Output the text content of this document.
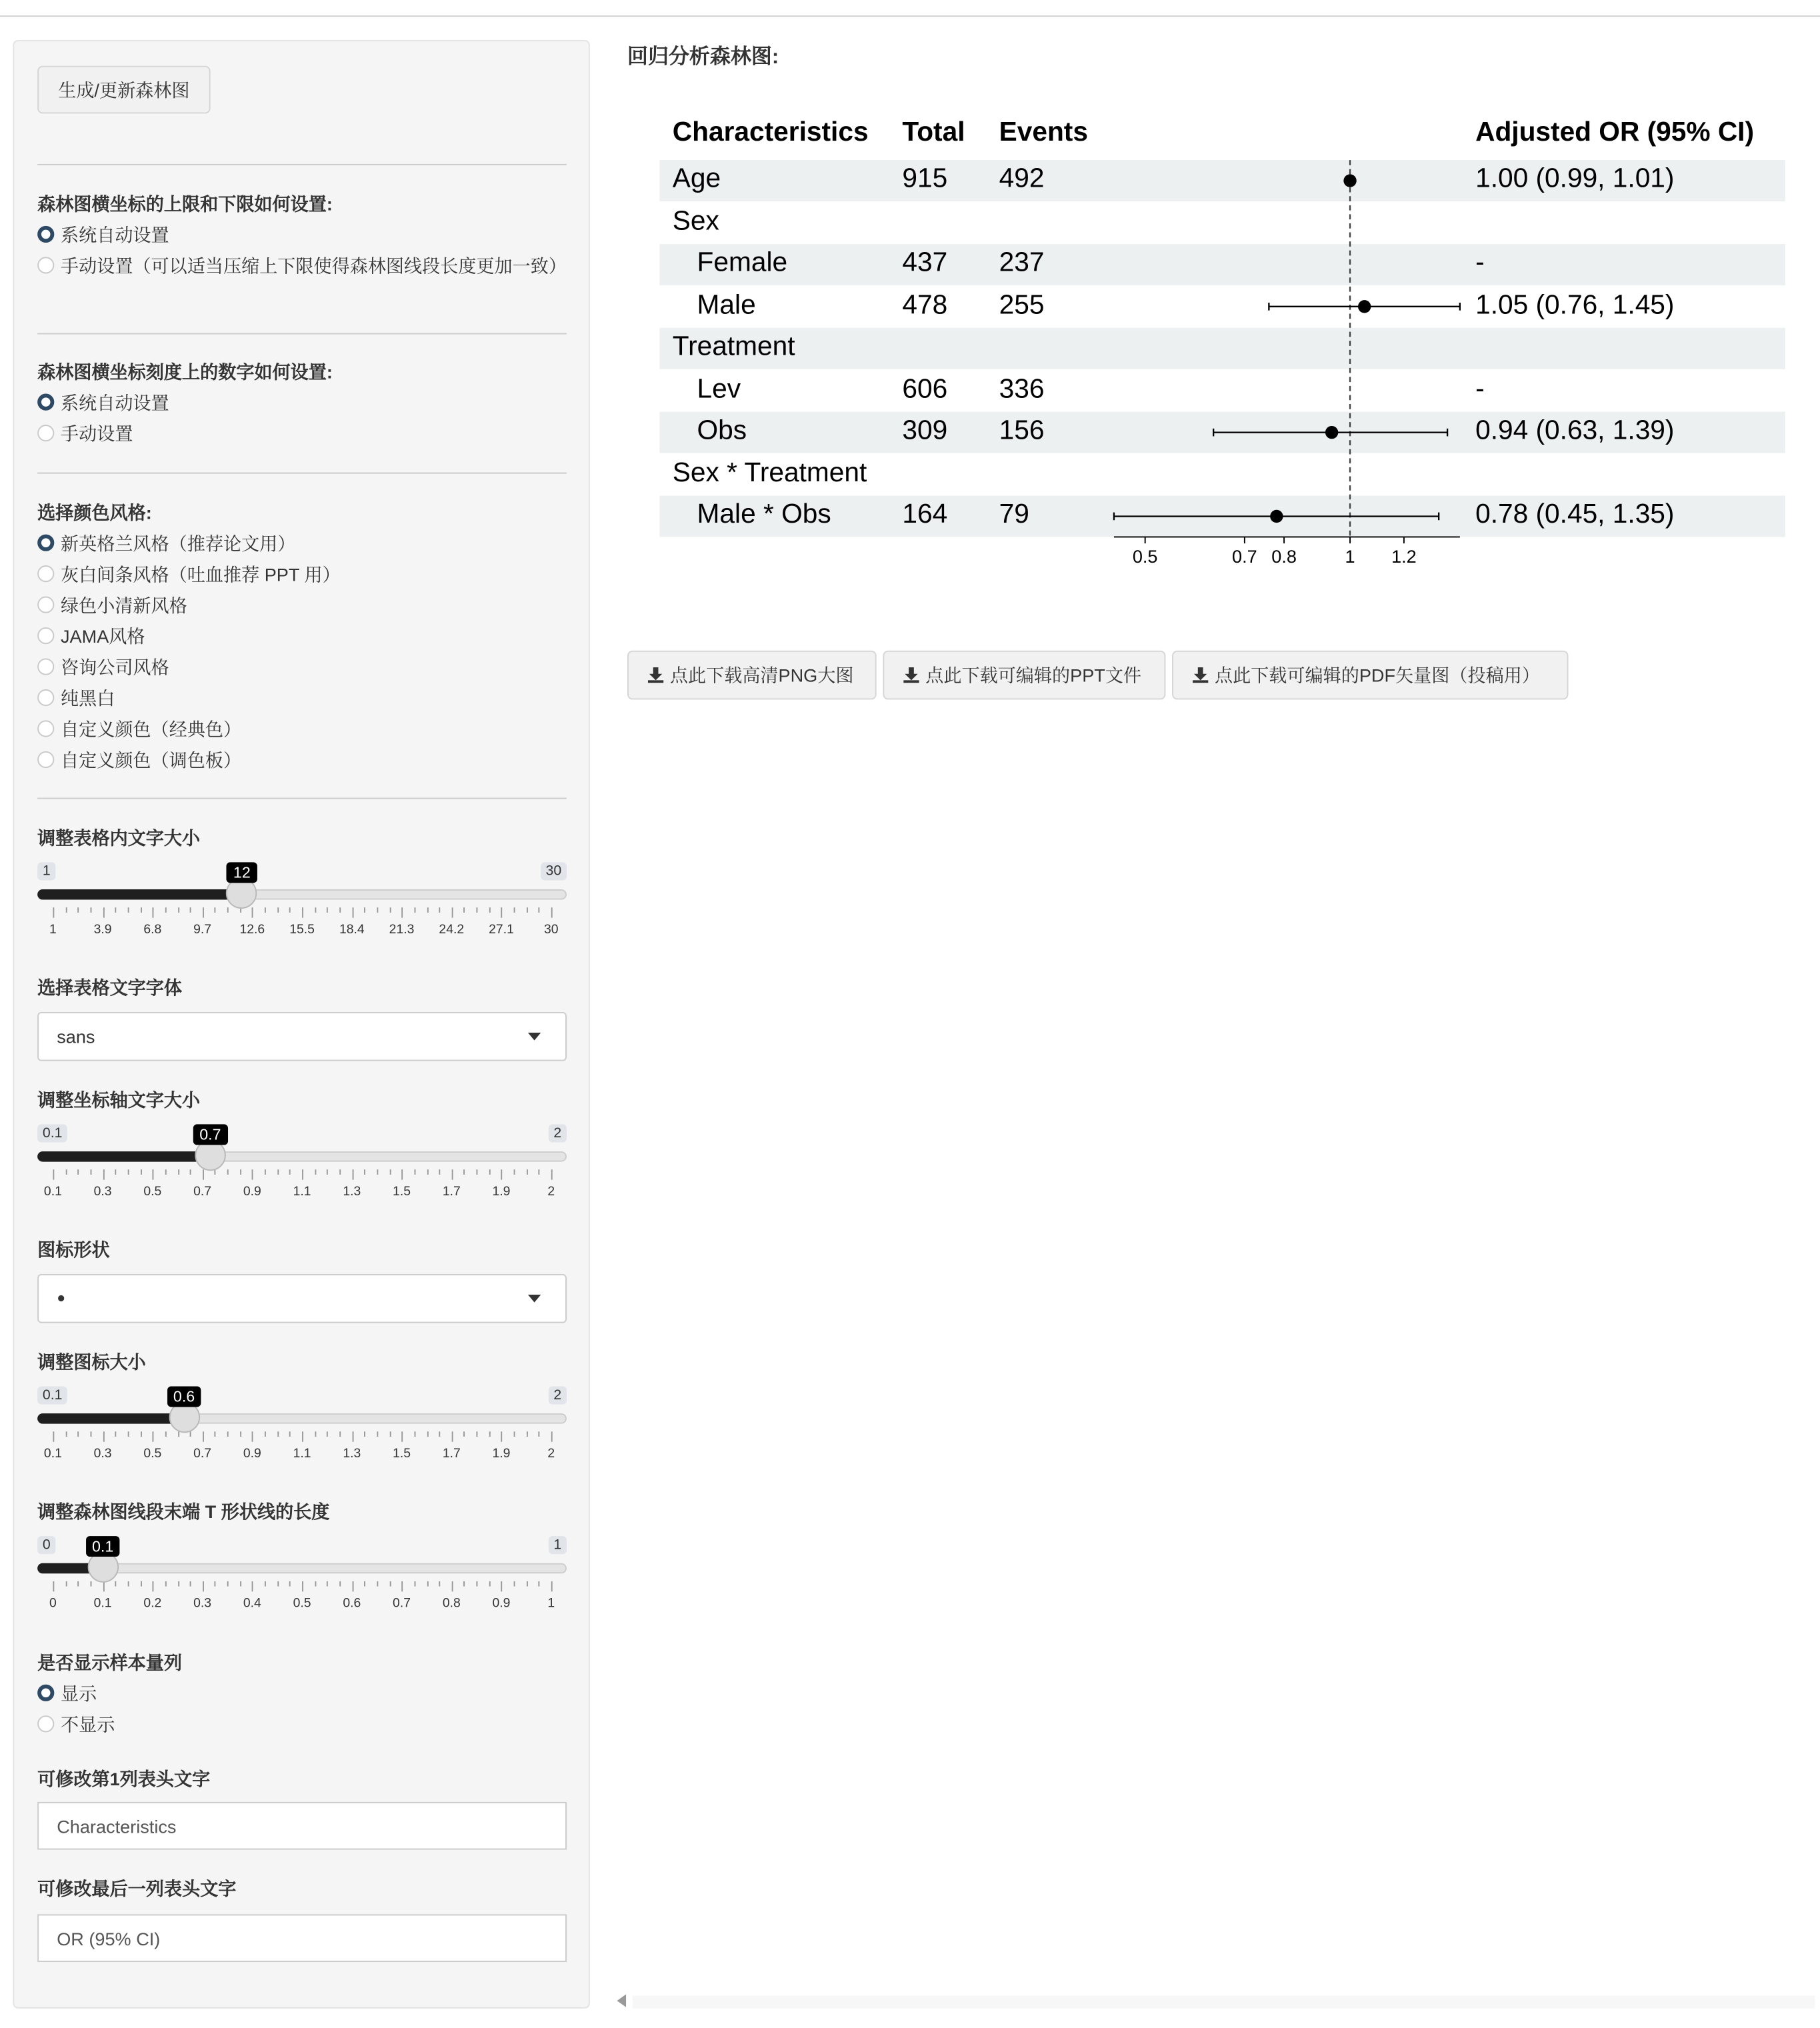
生成/更新森林图
森林图横坐标的上限和下限如何设置:
系统自动设置
手动设置（可以适当压缩上下限使得森林图线段长度更加一致）
森林图横坐标刻度上的数字如何设置:
系统自动设置
手动设置
选择颜色风格:
新英格兰风格（推荐论文用）
灰白间条风格（吐血推荐 PPT 用）
绿色小清新风格
JAMA风格
咨询公司风格
纯黑白
自定义颜色（经典色）
自定义颜色（调色板）
调整表格内文字大小
1	30
1	3.9	6.8	9.7	12.6	15.5	18.4	21.3	24.2	27.1	30
12
选择表格文字字体
sans
调整坐标轴文字大小
0.1	2
0.1	0.3	0.5	0.7	0.9	1.1	1.3	1.5	1.7	1.9	2
0.7
图标形状
●
调整图标大小
0.1	2
0.1	0.3	0.5	0.7	0.9	1.1	1.3	1.5	1.7	1.9	2
0.6
调整森林图线段末端 T 形状线的长度
0	1
0	0.1	0.2	0.3	0.4	0.5	0.6	0.7	0.8	0.9	1
0.1
是否显示样本量列
显示
不显示
可修改第1列表头文字
Characteristics
可修改最后一列表头文字
OR (95% CI)
回归分析森林图:
Characteristics Total Events	Adjusted OR (95% CI)
Age	915	492	1.00 (0.99, 1.01)
Sex
Female	437	237	-
Male	478	255	1.05 (0.76, 1.45)
Treatment
Lev	606	336	-
Obs	309	156	0.94 (0.63, 1.39)
Sex * Treatment
Male * Obs	164	79	0.78 (0.45, 1.35)
0.5	0.7 0.8	1	1.2
点此下载高清PNG大图	点此下载可编辑的PPT文件	点此下载可编辑的PDF矢量图（投稿用）
